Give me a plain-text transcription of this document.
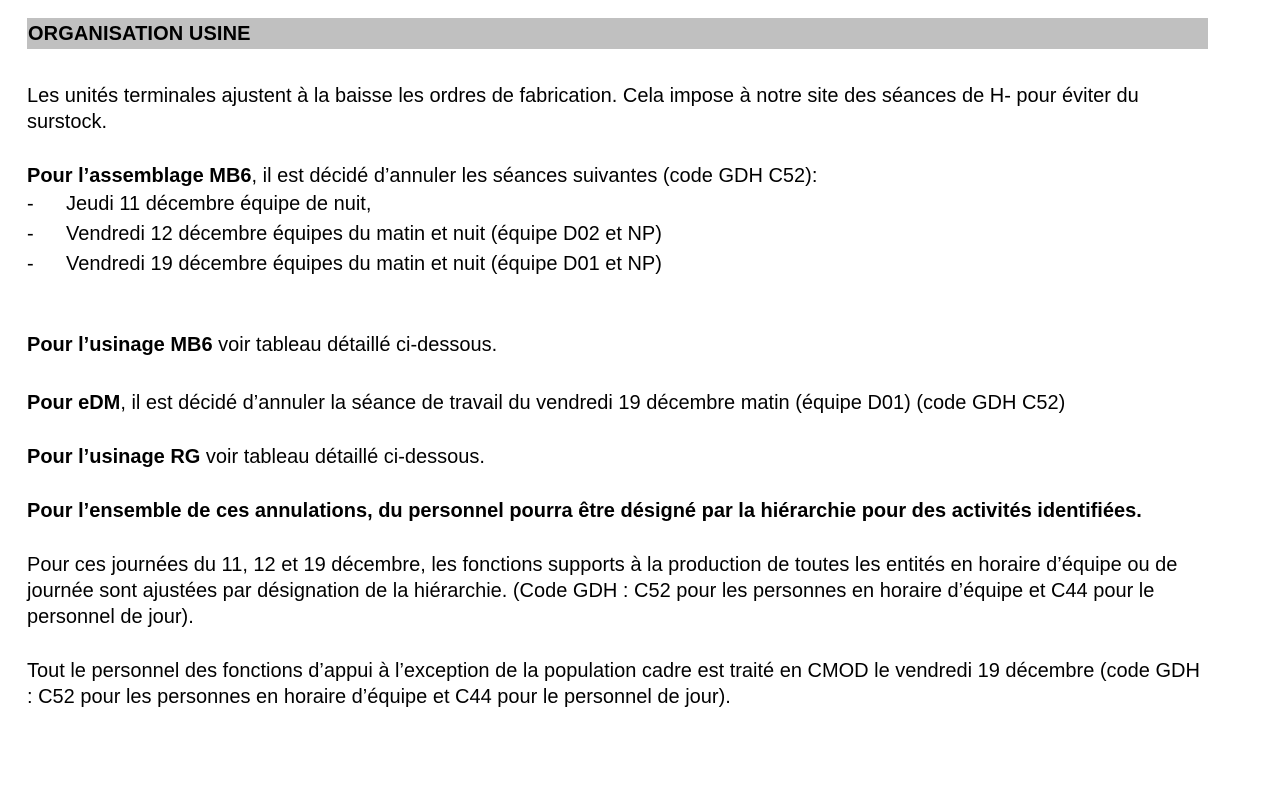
ORGANISATION USINE

Les unités terminales ajustent à la baisse les ordres de fabrication. Cela impose à notre site des séances de H- pour éviter du surstock.

Pour l’assemblage MB6, il est décidé d’annuler les séances suivantes (code GDH C52):

- Jeudi 11 décembre équipe de nuit,
- Vendredi 12 décembre équipes du matin et nuit (équipe D02 et NP)
- Vendredi 19 décembre équipes du matin et nuit (équipe D01 et NP)

Pour l’usinage MB6 voir tableau détaillé ci-dessous.

Pour eDM, il est décidé d’annuler la séance de travail du vendredi 19 décembre matin (équipe D01) (code GDH C52)

Pour l’usinage RG voir tableau détaillé ci-dessous.

Pour l’ensemble de ces annulations, du personnel pourra être désigné par la hiérarchie pour des activités identifiées.

Pour ces journées du 11, 12 et 19 décembre, les fonctions supports à la production de toutes les entités en horaire d’équipe ou de journée sont ajustées par désignation de la hiérarchie. (Code GDH : C52 pour les personnes en horaire d’équipe et C44 pour le personnel de jour).

Tout le personnel des fonctions d’appui à l’exception de la population cadre est traité en CMOD le vendredi 19 décembre (code GDH : C52 pour les personnes en horaire d’équipe et C44 pour le personnel de jour).
